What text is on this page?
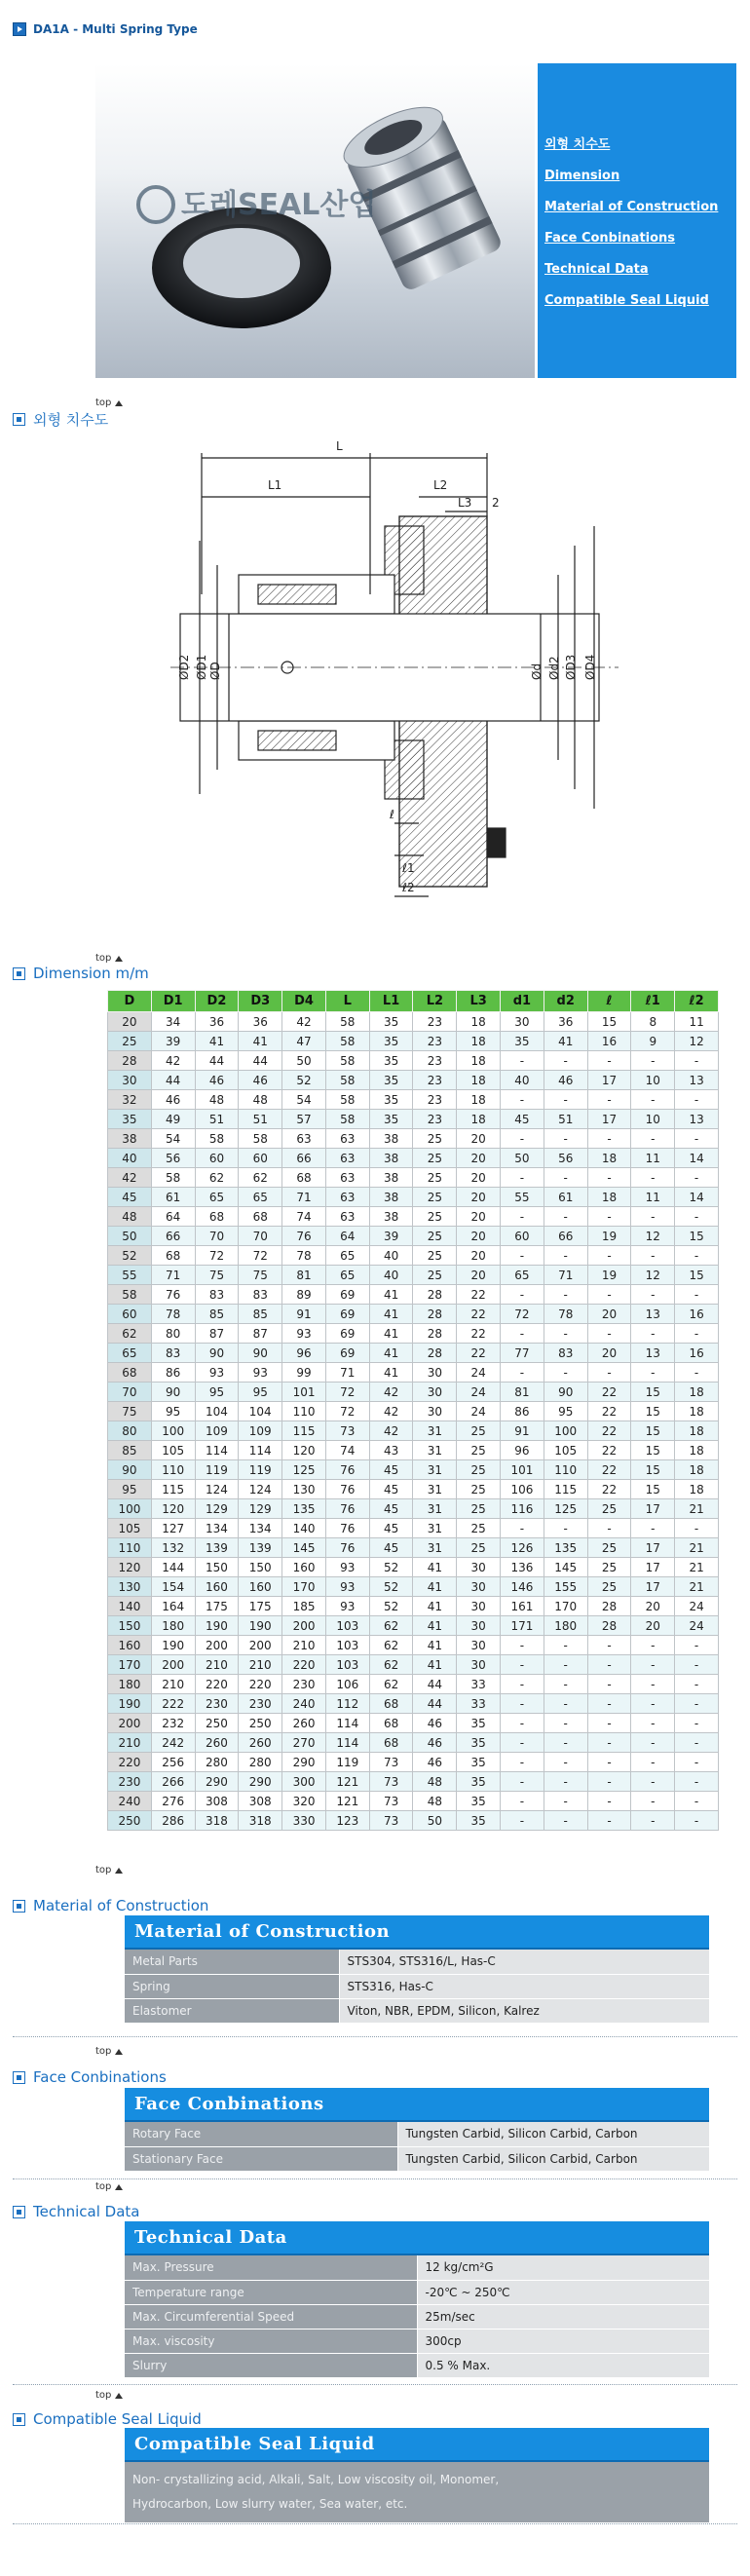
DA1A - Multi Spring Type
도레SEAL산업
외형 치수도
Dimension
Material of Construction
Face Conbinations
Technical Data
Compatible Seal Liquid
top
외형 치수도
L
L1	L2
L3 2
ØD2 ØD1 ØD	Ød Ød2 ØD3 ØD4
ℓ
ℓ1
ℓ2
top
Dimension m/m
D	D1	D2	D3	D4	L	L1	L2	L3	d1	d2	ℓ	ℓ1	ℓ2
20	34	36	36	42	58	35	23	18	30	36	15	8	11
25	39	41	41	47	58	35	23	18	35	41	16	9	12
28	42	44	44	50	58	35	23	18	-	-	-	-	-
30	44	46	46	52	58	35	23	18	40	46	17	10	13
32	46	48	48	54	58	35	23	18	-	-	-	-	-
35	49	51	51	57	58	35	23	18	45	51	17	10	13
38	54	58	58	63	63	38	25	20	-	-	-	-	-
40	56	60	60	66	63	38	25	20	50	56	18	11	14
42	58	62	62	68	63	38	25	20	-	-	-	-	-
45	61	65	65	71	63	38	25	20	55	61	18	11	14
48	64	68	68	74	63	38	25	20	-	-	-	-	-
50	66	70	70	76	64	39	25	20	60	66	19	12	15
52	68	72	72	78	65	40	25	20	-	-	-	-	-
55	71	75	75	81	65	40	25	20	65	71	19	12	15
58	76	83	83	89	69	41	28	22	-	-	-	-	-
60	78	85	85	91	69	41	28	22	72	78	20	13	16
62	80	87	87	93	69	41	28	22	-	-	-	-	-
65	83	90	90	96	69	41	28	22	77	83	20	13	16
68	86	93	93	99	71	41	30	24	-	-	-	-	-
70	90	95	95	101	72	42	30	24	81	90	22	15	18
75	95	104	104	110	72	42	30	24	86	95	22	15	18
80	100	109	109	115	73	42	31	25	91	100	22	15	18
85	105	114	114	120	74	43	31	25	96	105	22	15	18
90	110	119	119	125	76	45	31	25	101	110	22	15	18
95	115	124	124	130	76	45	31	25	106	115	22	15	18
100	120	129	129	135	76	45	31	25	116	125	25	17	21
105	127	134	134	140	76	45	31	25	-	-	-	-	-
110	132	139	139	145	76	45	31	25	126	135	25	17	21
120	144	150	150	160	93	52	41	30	136	145	25	17	21
130	154	160	160	170	93	52	41	30	146	155	25	17	21
140	164	175	175	185	93	52	41	30	161	170	28	20	24
150	180	190	190	200	103	62	41	30	171	180	28	20	24
160	190	200	200	210	103	62	41	30	-	-	-	-	-
170	200	210	210	220	103	62	41	30	-	-	-	-	-
180	210	220	220	230	106	62	44	33	-	-	-	-	-
190	222	230	230	240	112	68	44	33	-	-	-	-	-
200	232	250	250	260	114	68	46	35	-	-	-	-	-
210	242	260	260	270	114	68	46	35	-	-	-	-	-
220	256	280	280	290	119	73	46	35	-	-	-	-	-
230	266	290	290	300	121	73	48	35	-	-	-	-	-
240	276	308	308	320	121	73	48	35	-	-	-	-	-
250	286	318	318	330	123	73	50	35	-	-	-	-	-
top
Material of Construction
Material of Construction
Metal Parts	STS304, STS316/L, Has-C
Spring	STS316, Has-C
Elastomer	Viton, NBR, EPDM, Silicon, Kalrez
top
Face Conbinations
Face Conbinations
Rotary Face	Tungsten Carbid, Silicon Carbid, Carbon
Stationary Face	Tungsten Carbid, Silicon Carbid, Carbon
top
Technical Data
Technical Data
Max. Pressure	12 kg/cm²G
Temperature range	-20℃ ~ 250℃
Max. Circumferential Speed	25m/sec
Max. viscosity	300cp
Slurry	0.5 % Max.
top
Compatible Seal Liquid
Compatible Seal Liquid
Non- crystallizing acid, Alkali, Salt, Low viscosity oil, Monomer,
Hydrocarbon, Low slurry water, Sea water, etc.
